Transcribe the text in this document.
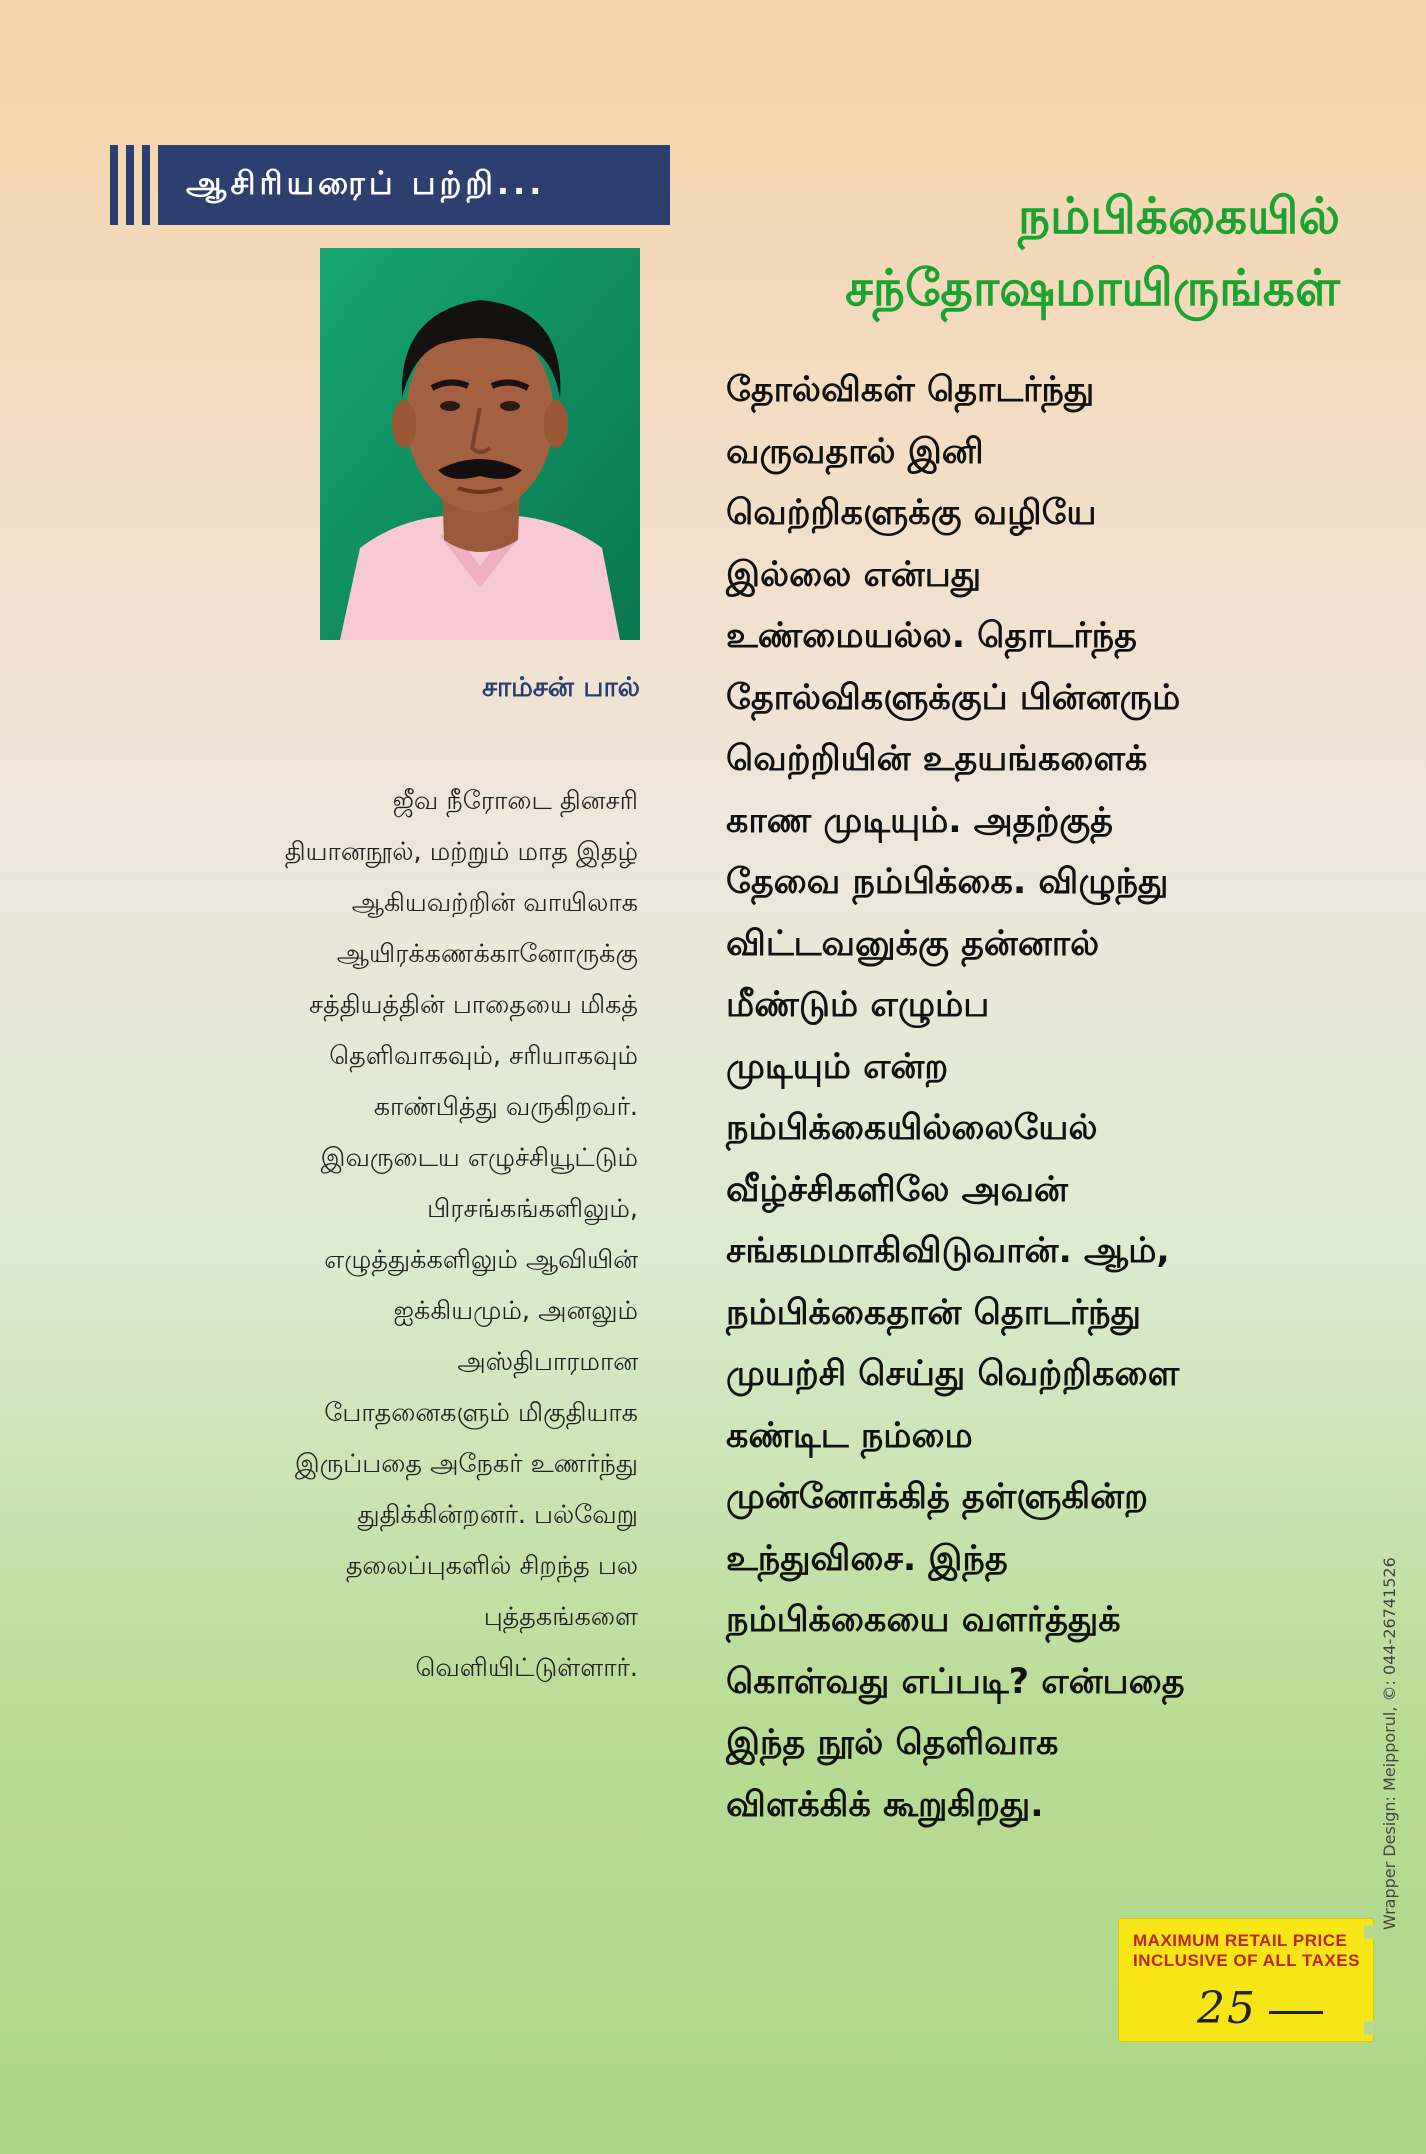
ஆசிரியரைப் பற்றி...
சாம்சன் பால்
ஜீவ நீரோடை தினசரி
தியானநூல், மற்றும் மாத இதழ்
ஆகியவற்றின் வாயிலாக
ஆயிரக்கணக்கானோருக்கு
சத்தியத்தின் பாதையை மிகத்
தெளிவாகவும், சரியாகவும்
காண்பித்து வருகிறவர்.
இவருடைய எழுச்சியூட்டும்
பிரசங்கங்களிலும்,
எழுத்துக்களிலும் ஆவியின்
ஐக்கியமும், அனலும்
அஸ்திபாரமான
போதனைகளும் மிகுதியாக
இருப்பதை அநேகர் உணர்ந்து
துதிக்கின்றனர். பல்வேறு
தலைப்புகளில் சிறந்த பல
புத்தகங்களை
வெளியிட்டுள்ளார்.
நம்பிக்கையில்
சந்தோஷமாயிருங்கள்
தோல்விகள் தொடர்ந்து
வருவதால் இனி
வெற்றிகளுக்கு வழியே
இல்லை என்பது
உண்மையல்ல. தொடர்ந்த
தோல்விகளுக்குப் பின்னரும்
வெற்றியின் உதயங்களைக்
காண முடியும். அதற்குத்
தேவை நம்பிக்கை. விழுந்து
விட்டவனுக்கு தன்னால்
மீண்டும் எழும்ப
முடியும் என்ற
நம்பிக்கையில்லையேல்
வீழ்ச்சிகளிலே அவன்
சங்கமமாகிவிடுவான். ஆம்,
நம்பிக்கைதான் தொடர்ந்து
முயற்சி செய்து வெற்றிகளை
கண்டிட நம்மை
முன்னோக்கித் தள்ளுகின்ற
உந்துவிசை. இந்த
நம்பிக்கையை வளர்த்துக்
கொள்வது எப்படி? என்பதை
இந்த நூல் தெளிவாக
விளக்கிக் கூறுகிறது.	Wrapper Design: Meipporul, ©: 044-26741526
MAXIMUM RETAIL PRICE
INCLUSIVE OF ALL TAXES
25
